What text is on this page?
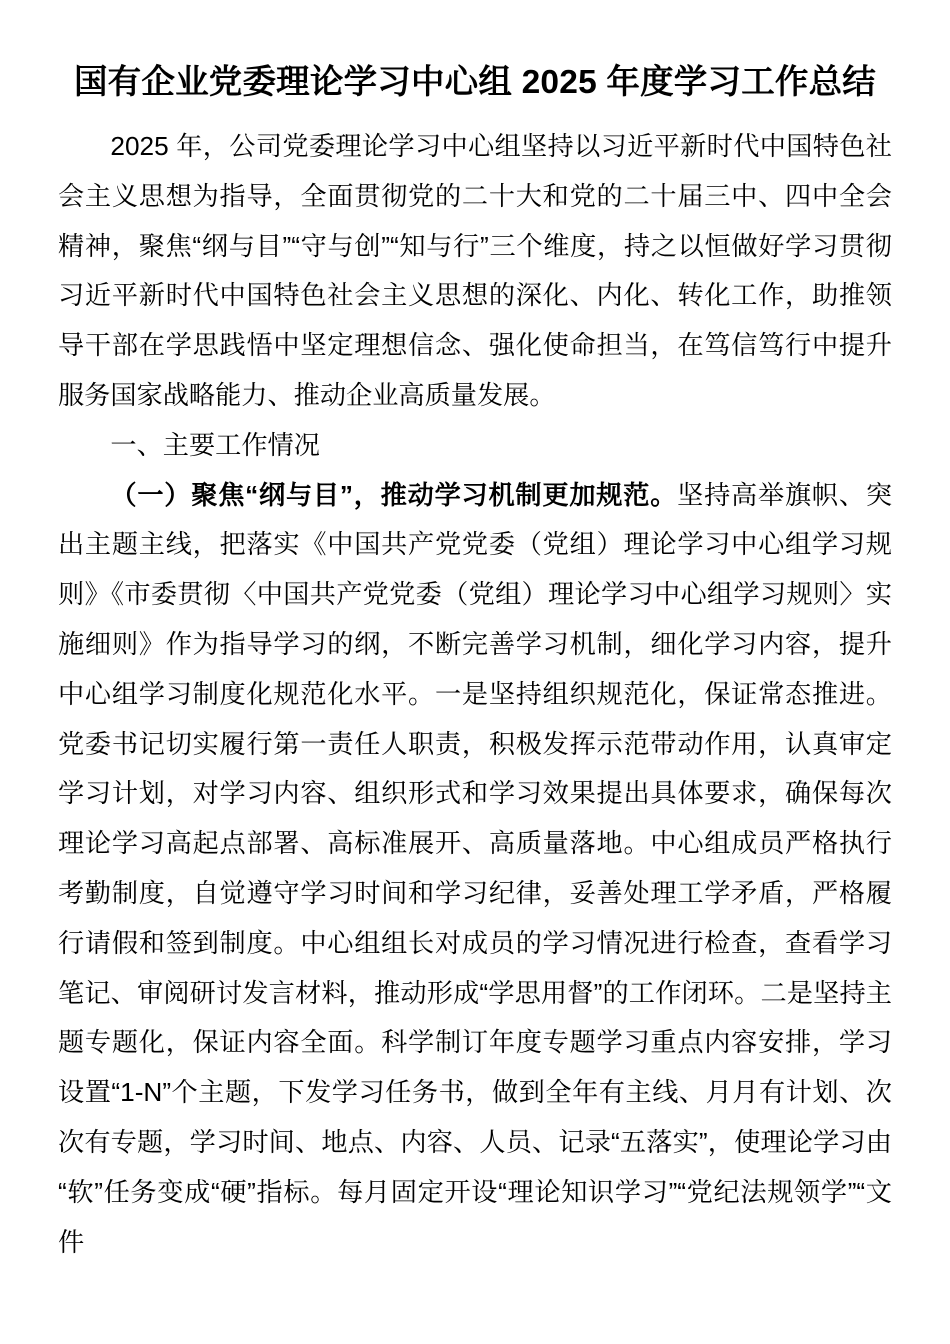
国有企业党委理论学习中心组 2025 年度学习工作总结

2025 年，公司党委理论学习中心组坚持以习近平新时代中国特色社会主义思想为指导，全面贯彻党的二十大和党的二十届三中、四中全会精神，聚焦“纲与目”“守与创”“知与行”三个维度，持之以恒做好学习贯彻习近平新时代中国特色社会主义思想的深化、内化、转化工作，助推领导干部在学思践悟中坚定理想信念、强化使命担当，在笃信笃行中提升服务国家战略能力、推动企业高质量发展。

一、主要工作情况

（一）聚焦“纲与目”，推动学习机制更加规范。坚持高举旗帜、突出主题主线，把落实《中国共产党党委（党组）理论学习中心组学习规则》《市委贯彻〈中国共产党党委（党组）理论学习中心组学习规则〉实施细则》作为指导学习的纲，不断完善学习机制，细化学习内容，提升中心组学习制度化规范化水平。一是坚持组织规范化，保证常态推进。党委书记切实履行第一责任人职责，积极发挥示范带动作用，认真审定学习计划，对学习内容、组织形式和学习效果提出具体要求，确保每次理论学习高起点部署、高标准展开、高质量落地。中心组成员严格执行考勤制度，自觉遵守学习时间和学习纪律，妥善处理工学矛盾，严格履行请假和签到制度。中心组组长对成员的学习情况进行检查，查看学习笔记、审阅研讨发言材料，推动形成“学思用督”的工作闭环。二是坚持主题专题化，保证内容全面。科学制订年度专题学习重点内容安排，学习设置“1-N”个主题，下发学习任务书，做到全年有主线、月月有计划、次次有专题，学习时间、地点、内容、人员、记录“五落实”，使理论学习由“软”任务变成“硬”指标。每月固定开设“理论知识学习”“党纪法规领学”“文件
